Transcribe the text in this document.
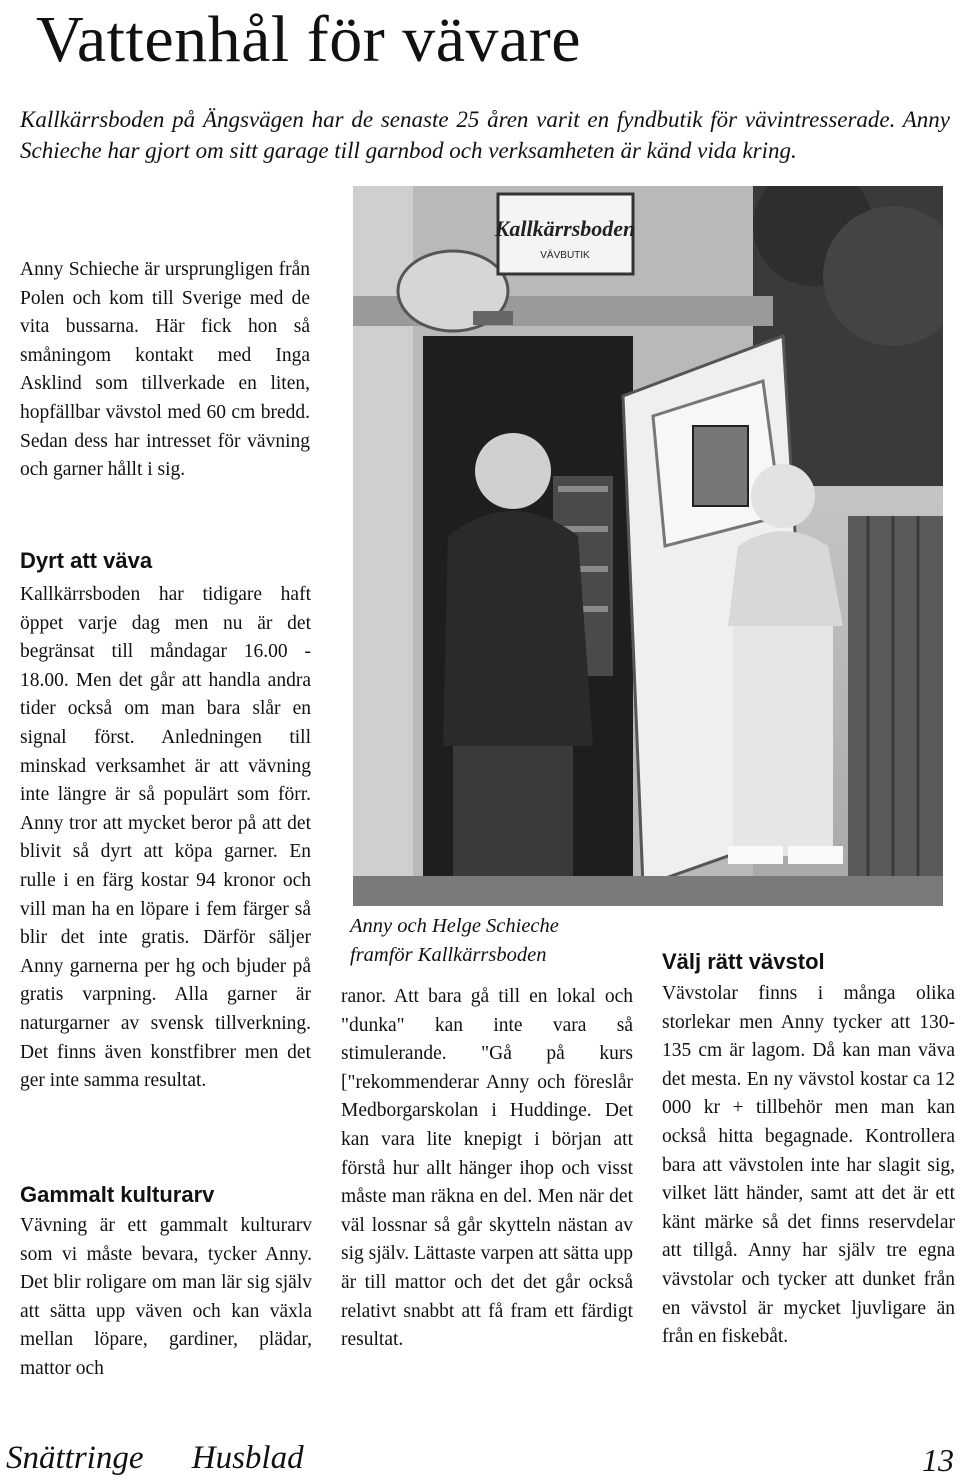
Vattenhål för vävare

Kallkärrsboden på Ängsvägen har de senaste 25 åren varit en fyndbutik för vävintresserade. Anny Schieche har gjort om sitt garage till garnbod och verksamheten är känd vida kring.

Anny Schieche är ursprungligen från Polen och kom till Sverige med de vita bussarna. Här fick hon så småningom kontakt med Inga Asklind som tillverkade en liten, hopfällbar vävstol med 60 cm bredd. Sedan dess har intresset för vävning och garner hållt i sig.

Dyrt att väva

Kallkärrsboden har tidigare haft öppet varje dag men nu är det begränsat till måndagar 16.00 - 18.00. Men det går att handla andra tider också om man bara slår en signal först. Anledningen till minskad verksamhet är att vävning inte längre är så populärt som förr. Anny tror att mycket beror på att det blivit så dyrt att köpa garner. En rulle i en färg kostar 94 kronor och vill man ha en löpare i fem färger så blir det inte gratis. Därför säljer Anny garnerna per hg och bjuder på gratis varpning. Alla garner är naturgarner av svensk tillverkning. Det finns även konstfibrer men det ger inte samma resultat.

Gammalt kulturarv

Vävning är ett gammalt kulturarv som vi måste bevara, tycker Anny. Det blir roligare om man lär sig själv att sätta upp väven och kan växla mellan löpare, gardiner, plädar, mattor och

Kallkärrsboden
VÄVBUTIK

Anny och Helge Schieche
framför Kallkärrsboden

ranor. Att bara gå till en lokal och "dunka" kan inte vara så stimulerande. "Gå på kurs ["rekommenderar Anny och föreslår Medborgarskolan i Huddinge. Det kan vara lite knepigt i början att förstå hur allt hänger ihop och visst måste man räkna en del. Men när det väl lossnar så går skytteln nästan av sig själv. Lättaste varpen att sätta upp är till mattor och det det går också relativt snabbt att få fram ett färdigt resultat.

Välj rätt vävstol

Vävstolar finns i många olika storlekar men Anny tycker att 130-135 cm är lagom. Då kan man väva det mesta. En ny vävstol kostar ca 12 000 kr + tillbehör men man kan också hitta begagnade. Kontrollera bara att vävstolen inte har slagit sig, vilket lätt händer, samt att det är ett känt märke så det finns reservdelar att tillgå. Anny har själv tre egna vävstolar och tycker att dunket från en vävstol är mycket ljuvligare än från en fiskebåt.

Snättringe Husblad	13
